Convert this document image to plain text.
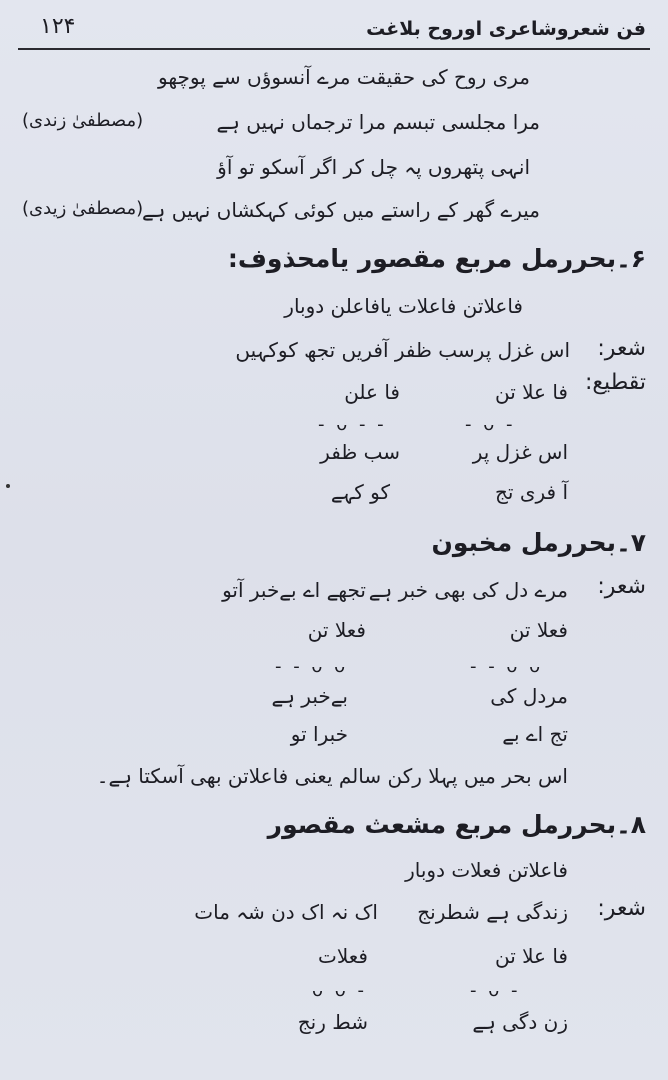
فن شعروشاعری اوروح بلاغت
۱۲۴
مری روح کی حقیقت مرے آنسوؤں سے پوچھو
مرا مجلسی تبسم مرا ترجماں نہیں ہے
(مصطفیٰ زندی)
انہی پتھروں پہ چل کر اگر آسکو تو آؤ
میرے گھر کے راستے میں کوئی کہکشاں نہیں ہے
(مصطفیٰ زیدی)
۶۔بحررمل مربع مقصور یامحذوف:
فاعلاتن فاعلات یافاعلن دوبار
شعر:
اس غزل پرسب ظفر آفریں تجھ کوکہیں
تقطیع:
فا علا تن
فا علن
- ᴗ -
- ᴗ - -
اس غزل پر
سب ظفر
آ فری تج
کو کہے
۷۔بحررمل مخبون
شعر:
مرے دل کی بھی خبر ہے
تجھے اے بےخبر آتو
فعلا تن
فعلا تن
- - ᴗ ᴗ
- - ᴗ ᴗ
مردل کی
بےخبر ہے
تج اے بے
خبرا تو
اس بحر میں پہلا رکن سالم یعنی فاعلاتن بھی آسکتا ہے۔
۸۔بحررمل مربع مشعث مقصور
فاعلاتن فعلات دوبار
شعر:
زندگی ہے شطرنج
اک نہ اک دن شہ مات
فا علا تن
فعلات
- ᴗ -
ᴗ ᴗ -
زن دگی ہے
شط رنج
